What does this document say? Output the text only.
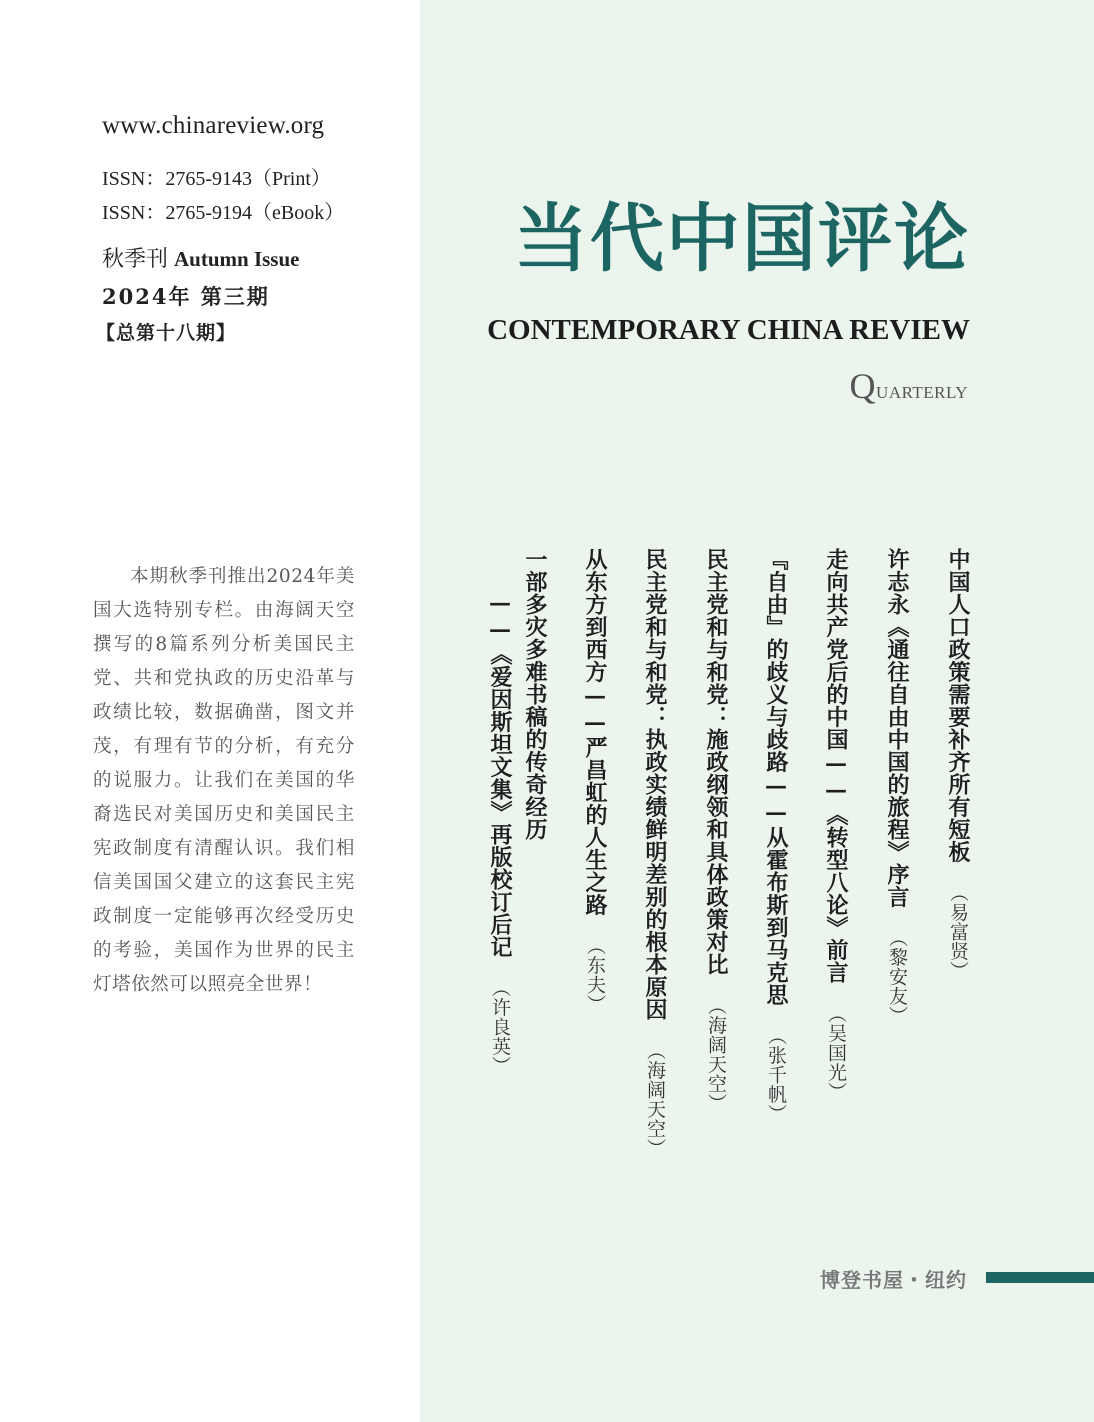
www.chinareview.org
ISSN：2765-9143（Print）
ISSN：2765-9194（eBook）
秋季刊 Autumn Issue
2024年 第三期
【总第十八期】

本期秋季刊推出2024年美国大选特别专栏。由海阔天空撰写的8篇系列分析美国民主党、共和党执政的历史沿革与政绩比较，数据确凿，图文并茂，有理有节的分析，有充分的说服力。让我们在美国的华裔选民对美国历史和美国民主宪政制度有清醒认识。我们相信美国国父建立的这套民主宪政制度一定能够再次经受历史的考验，美国作为世界的民主灯塔依然可以照亮全世界！

当代中国评论
CONTEMPORARY CHINA REVIEW
Quarterly
中国人口政策需要补齐所有短板（易富贤）
许志永《通往自由中国的旅程》序言（黎安友）
走向共产党后的中国——《转型八论》前言（吴国光）
『自由』的歧义与歧路——从霍布斯到马克思（张千帆）
民主党和与和党：施政纲领和具体政策对比（海阔天空）
民主党和与和党：执政实绩鲜明差别的根本原因（海阔天空）
从东方到西方——严昌虹的人生之路（东夫）
一部多灾多难书稿的传奇经历
——《爱因斯坦文集》再版校订后记（许良英）
博登书屋・纽约
